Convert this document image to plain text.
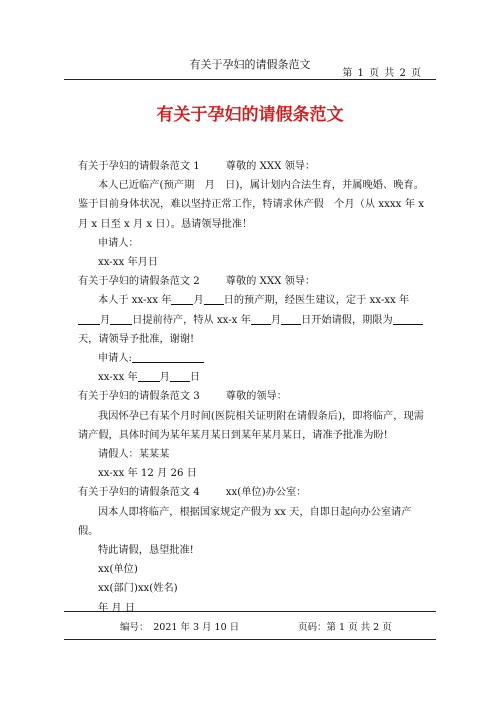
有关于孕妇的请假条范文
第 1 页 共 2 页
有关于孕妇的请假条范文

有关于孕妇的请假条范文 1	尊敬的 XXX 领导：

本人已近临产(预产期　月　日)，属计划内合法生育，并属晚婚、晚育。鉴于目前身体状况，难以坚持正常工作，特请求休产假　个月（从 xxxx 年 x 月 x 日至 x 月 x 日）。恳请领导批准！

申请人：

xx-xx 年月日

有关于孕妇的请假条范文 2	尊敬的 XXX 领导：

本人于 xx-xx 年 月 日的预产期，经医生建议，定于 xx-xx 年月 日提前待产，特从 xx-x 年 月 日开始请假，期限为天，请领导予批准，谢谢!

申请人:

xx-xx 年 月 日

有关于孕妇的请假条范文 3	尊敬的领导：

我因怀孕已有某个月时间(医院相关证明附在请假条后)，即将临产，现需请产假，具体时间为某年某月某日到某年某月某日，请准予批准为盼!

请假人：某某某

xx-xx 年 12 月 26 日

有关于孕妇的请假条范文 4	xx(单位)办公室：

因本人即将临产，根据国家规定产假为 xx 天，自即日起向办公室请产假。

特此请假，恳望批准!

xx(单位)

xx(部门)xx(姓名)

年 月 日

编号：　2021 年 3 月 10 日	页码：第 1 页 共 2 页
